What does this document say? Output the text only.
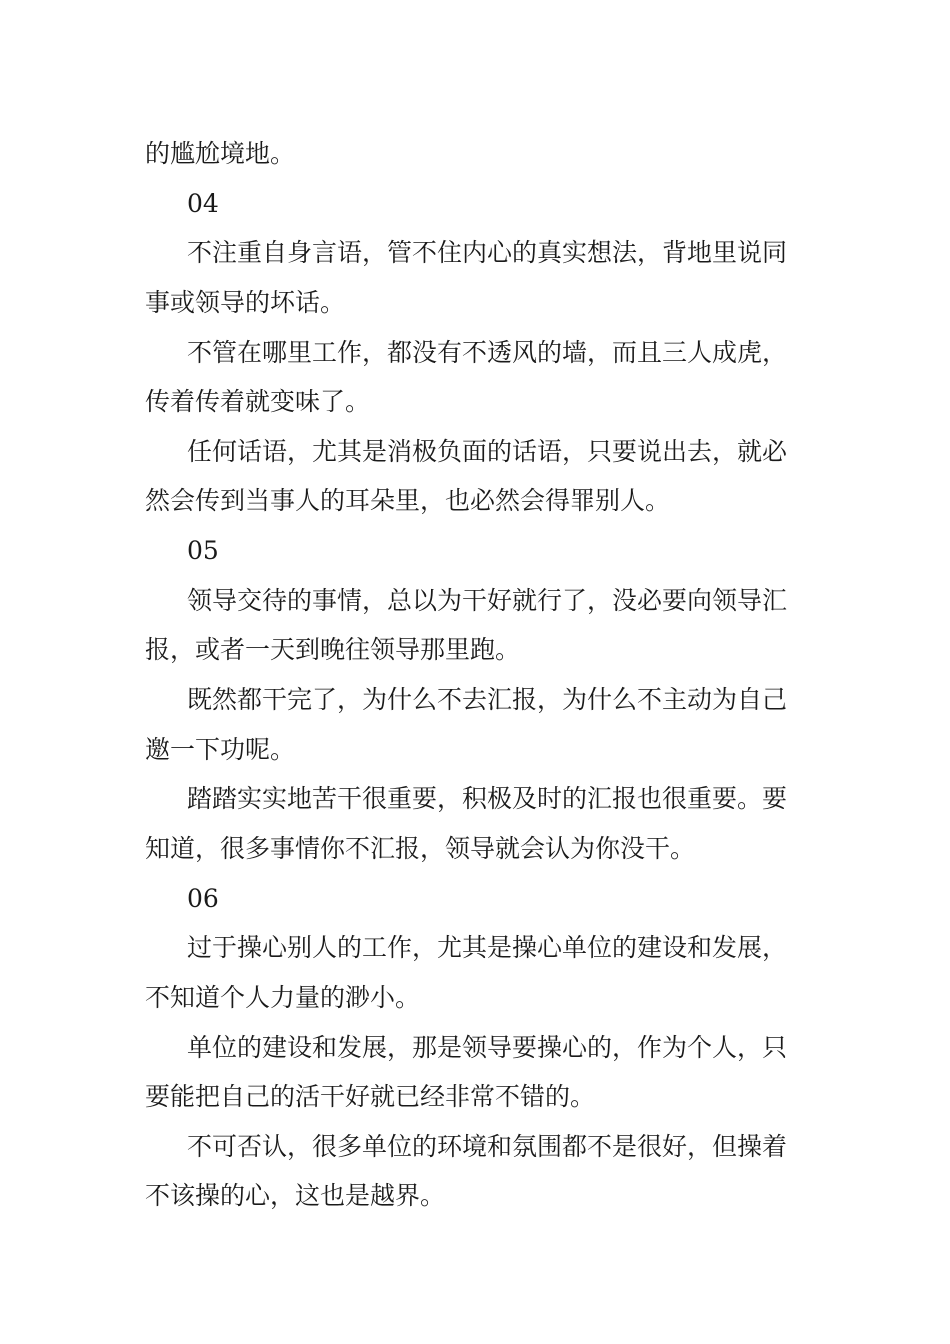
的尴尬境地。
04
不注重自身言语，管不住内心的真实想法，背地里说同
事或领导的坏话。
不管在哪里工作，都没有不透风的墙，而且三人成虎，
传着传着就变味了。
任何话语，尤其是消极负面的话语，只要说出去，就必
然会传到当事人的耳朵里，也必然会得罪别人。
05
领导交待的事情，总以为干好就行了，没必要向领导汇
报，或者一天到晚往领导那里跑。
既然都干完了，为什么不去汇报，为什么不主动为自己
邀一下功呢。
踏踏实实地苦干很重要，积极及时的汇报也很重要。要
知道，很多事情你不汇报，领导就会认为你没干。
06
过于操心别人的工作，尤其是操心单位的建设和发展，
不知道个人力量的渺小。
单位的建设和发展，那是领导要操心的，作为个人，只
要能把自己的活干好就已经非常不错的。
不可否认，很多单位的环境和氛围都不是很好，但操着
不该操的心，这也是越界。
